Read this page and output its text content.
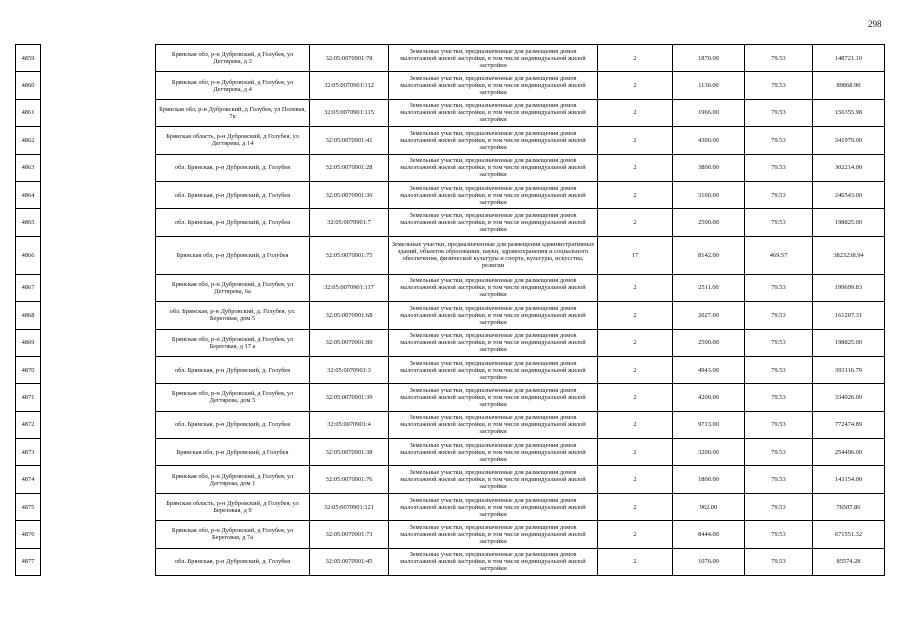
298
4859		Брянская обл, р-н Дубровский, д Голубея, ул Дегтярева, д 3	32:05:0070901:78	Земельные участки, предназначенные для размещения домов малоэтажной жилой застройки, в том числе индивидуальной жилой застройки	2	1870.00	79.53	148721.10
4860		Брянская обл, р-н Дубровский, д Голубея, ул Дегтярева, д 4	32:05:0070901:112	Земельные участки, предназначенные для размещения домов малоэтажной жилой застройки, в том числе индивидуальной жилой застройки	2	1130.00	79.53	89868.90
4861		Брянская обл, р-н Дубровский, д Голубея, ул Полевая, 7в	32:05:0070901:115	Земельные участки, предназначенные для размещения домов малоэтажной жилой застройки, в том числе индивидуальной жилой застройки	2	1966.00	79.53	156355.98
4862		Брянская область, р-н Дубровский, д Голубея, ул Дегтярева, д 14	32:05:0070901:41	Земельные участки, предназначенные для размещения домов малоэтажной жилой застройки, в том числе индивидуальной жилой застройки	2	4300.00	79.53	341979.00
4863		обл. Брянская, р-н Дубровский, д. Голубея	32:05:0070901:28	Земельные участки, предназначенные для размещения домов малоэтажной жилой застройки, в том числе индивидуальной жилой застройки	2	3800.00	79.53	302214.00
4864		обл. Брянская, р-н Дубровский, д. Голубея	32:05:0070901:30	Земельные участки, предназначенные для размещения домов малоэтажной жилой застройки, в том числе индивидуальной жилой застройки	2	3100.00	79.53	246543.00
4865		обл. Брянская, р-н Дубровский, д. Голубея	32:05:0070901:7	Земельные участки, предназначенные для размещения домов малоэтажной жилой застройки, в том числе индивидуальной жилой застройки	2	2500.00	79.53	198825.00
4866		Брянская обл, р-н Дубровский, д Голубея	32:05:0070901:75	Земельные участки, предназначенные для размещения административных зданий, объектов образования, науки, здравоохранения и социального обеспечения, физической культуры и спорта, культуры, искусства, религии	17	8142.00	469.57	3823238.94
4867		Брянская обл, р-н Дубровский, д Голубея, ул Дегтярева, 6а	32:05:0070901:117	Земельные участки, предназначенные для размещения домов малоэтажной жилой застройки, в том числе индивидуальной жилой застройки	2	2511.00	79.53	199699.83
4868		обл. Брянская, р-н Дубровский, д. Голубея, ул. Береговая, дом 5	32:05:0070901:68	Земельные участки, предназначенные для размещения домов малоэтажной жилой застройки, в том числе индивидуальной жилой застройки	2	2027.00	79.53	161207.31
4869		Брянская обл, р-н Дубровский, д Голубея, ул Береговая, д 17 а	32:05:0070901:80	Земельные участки, предназначенные для размещения домов малоэтажной жилой застройки, в том числе индивидуальной жилой застройки	2	2500.00	79.53	198825.00
4870		обл. Брянская, р-н Дубровский, д. Голубея	32:05:0070901:3	Земельные участки, предназначенные для размещения домов малоэтажной жилой застройки, в том числе индивидуальной жилой застройки	2	4943.00	79.53	393116.79
4871		Брянская обл, р-н Дубровский, д Голубея, ул Дегтярева, дом 5	32:05:0070901:39	Земельные участки, предназначенные для размещения домов малоэтажной жилой застройки, в том числе индивидуальной жилой застройки	2	4200.00	79.53	334026.00
4872		обл. Брянская, р-н Дубровский, д. Голубея	32:05:0070901:4	Земельные участки, предназначенные для размещения домов малоэтажной жилой застройки, в том числе индивидуальной жилой застройки	2	9713.00	79.53	772474.89
4873		Брянская обл, р-н Дубровский, д Голубея	32:05:0070901:38	Земельные участки, предназначенные для размещения домов малоэтажной жилой застройки, в том числе индивидуальной жилой застройки	2	3200.00	79.53	254496.00
4874		Брянская обл, р-н Дубровский, д Голубея, ул Дегтярева, дом 1	32:05:0070901:76	Земельные участки, предназначенные для размещения домов малоэтажной жилой застройки, в том числе индивидуальной жилой застройки	2	1800.00	79.53	143154.00
4875		Брянская область, р-н Дубровский, д Голубея, ул Березовая, д 9	32:05:0070901:121	Земельные участки, предназначенные для размещения домов малоэтажной жилой застройки, в том числе индивидуальной жилой застройки	2	962.00	79.53	76507.86
4876		Брянская обл, р-н Дубровский, д Голубея, ул Береговая, д 7а	32:05:0070901:73	Земельные участки, предназначенные для размещения домов малоэтажной жилой застройки, в том числе индивидуальной жилой застройки	2	8444.00	79.53	671551.32
4877		обл. Брянская, р-н Дубровский, д. Голубея	32:05:0070901:45	Земельные участки, предназначенные для размещения домов малоэтажной жилой застройки, в том числе индивидуальной жилой застройки	2	1076.00	79.53	85574.28
